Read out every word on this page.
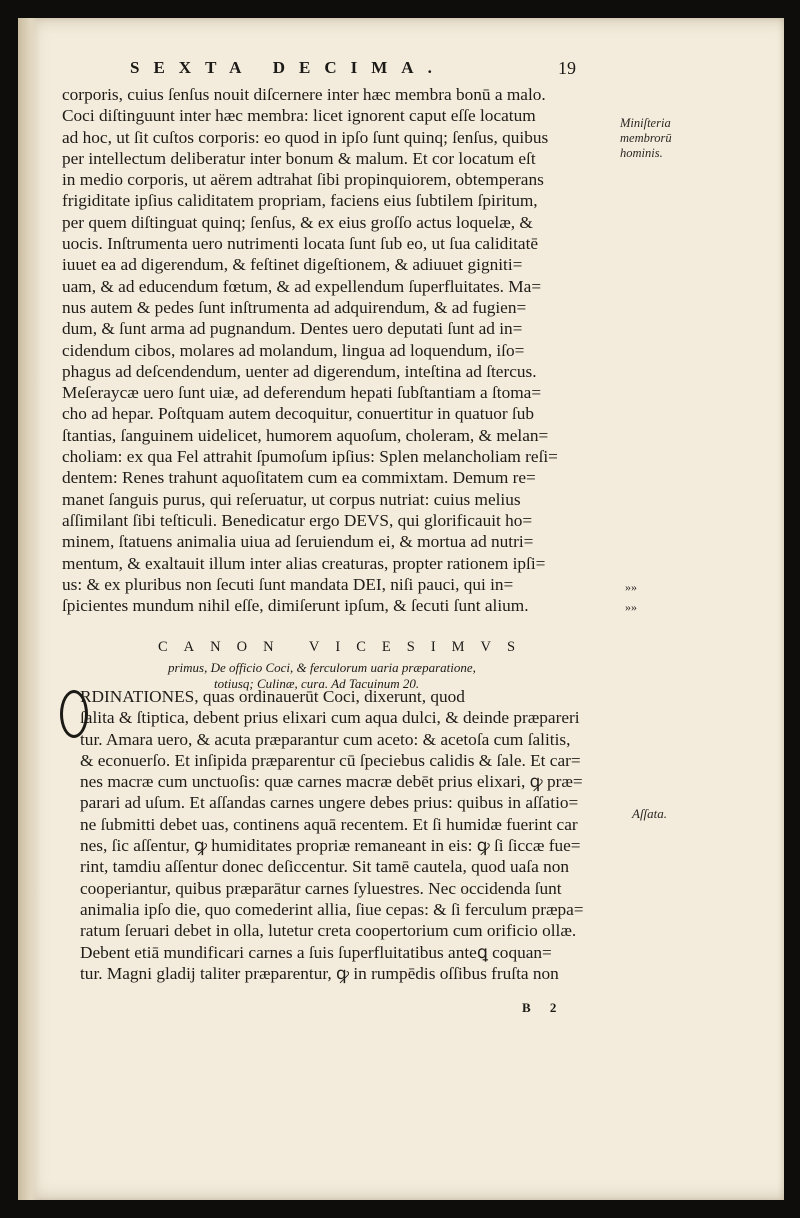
SEXTA DECIMA.	19
corporis, cuius ſenſus nouit diſcernere inter hæc membra bonū a malo.
Coci diſtinguunt inter hæc membra: licet ignorent caput eſſe locatum
ad hoc, ut ſit cuſtos corporis: eo quod in ipſo ſunt quinq; ſenſus, quibus
per intellectum deliberatur inter bonum & malum. Et cor locatum eſt
in medio corporis, ut aërem adtrahat ſibi propinquiorem, obtemperans
frigiditate ipſius caliditatem propriam, faciens eius ſubtilem ſpiritum,
per quem diſtinguat quinq; ſenſus, & ex eius groſſo actus loquelæ, &
uocis. Inſtrumenta uero nutrimenti locata ſunt ſub eo, ut ſua caliditatē
iuuet ea ad digerendum, & feſtinet digeſtionem, & adiuuet gigniti=
uam, & ad educendum fœtum, & ad expellendum ſuperfluitates. Ma=
nus autem & pedes ſunt inſtrumenta ad adquirendum, & ad fugien=
dum, & ſunt arma ad pugnandum. Dentes uero deputati ſunt ad in=
cidendum cibos, molares ad molandum, lingua ad loquendum, iſo=
phagus ad deſcendendum, uenter ad digerendum, inteſtina ad ſtercus.
Meſeraycæ uero ſunt uiæ, ad deferendum hepati ſubſtantiam a ſtoma=
cho ad hepar. Poſtquam autem decoquitur, conuertitur in quatuor ſub
ſtantias, ſanguinem uidelicet, humorem aquoſum, choleram, & melan=
choliam: ex qua Fel attrahit ſpumoſum ipſius: Splen melancholiam reſi=
dentem: Renes trahunt aquoſitatem cum ea commixtam. Demum re=
manet ſanguis purus, qui reſeruatur, ut corpus nutriat: cuius melius
aſſimilant ſibi teſticuli. Benedicatur ergo DEVS, qui glorificauit ho=
minem, ſtatuens animalia uiua ad ſeruiendum ei, & mortua ad nutri=
mentum, & exaltauit illum inter alias creaturas, propter rationem ipſi=
us: & ex pluribus non ſecuti ſunt mandata DEI, niſi pauci, qui in=
ſpicientes mundum nihil eſſe, dimiſerunt ipſum, & ſecuti ſunt alium.
Miniſteria
membrorū
hominis.
»»
»»
CANON VICESIMVS
primus, De officio Coci, & ferculorum uaria præparatione,
totiusq; Culinæ, cura. Ad Tacuinum 20.
RDINATIONES, quas ordinauerūt Coci, dixerunt, quod
ſalita & ſtiptica, debent prius elixari cum aqua dulci, & deinde præpareri
tur. Amara uero, & acuta præparantur cum aceto: & acetoſa cum ſalitis,
& econuerſo. Et inſipida præparentur cū ſpeciebus calidis & ſale. Et car=
nes macræ cum unctuoſis: quæ carnes macræ debēt prius elixari, ꝙ præ=
parari ad uſum. Et aſſandas carnes ungere debes prius: quibus in aſſatio=
ne ſubmitti debet uas, continens aquā recentem. Et ſi humidæ fuerint car
nes, ſic aſſentur, ꝙ humiditates propriæ remaneant in eis: ꝙ ſi ſiccæ fue=
rint, tamdiu aſſentur donec deſiccentur. Sit tamē cautela, quod uaſa non
cooperiantur, quibus præparātur carnes ſyluestres. Nec occidenda ſunt
animalia ipſo die, quo comederint allia, ſiue cepas: & ſi ferculum præpa=
ratum ſeruari debet in olla, lutetur creta coopertorium cum orificio ollæ.
Debent etiā mundificari carnes a ſuis ſuperfluitatibus anteꝗ coquan=
tur. Magni gladij taliter præparentur, ꝙ in rumpēdis oſſibus fruſta non
Aſſata.
B 2
